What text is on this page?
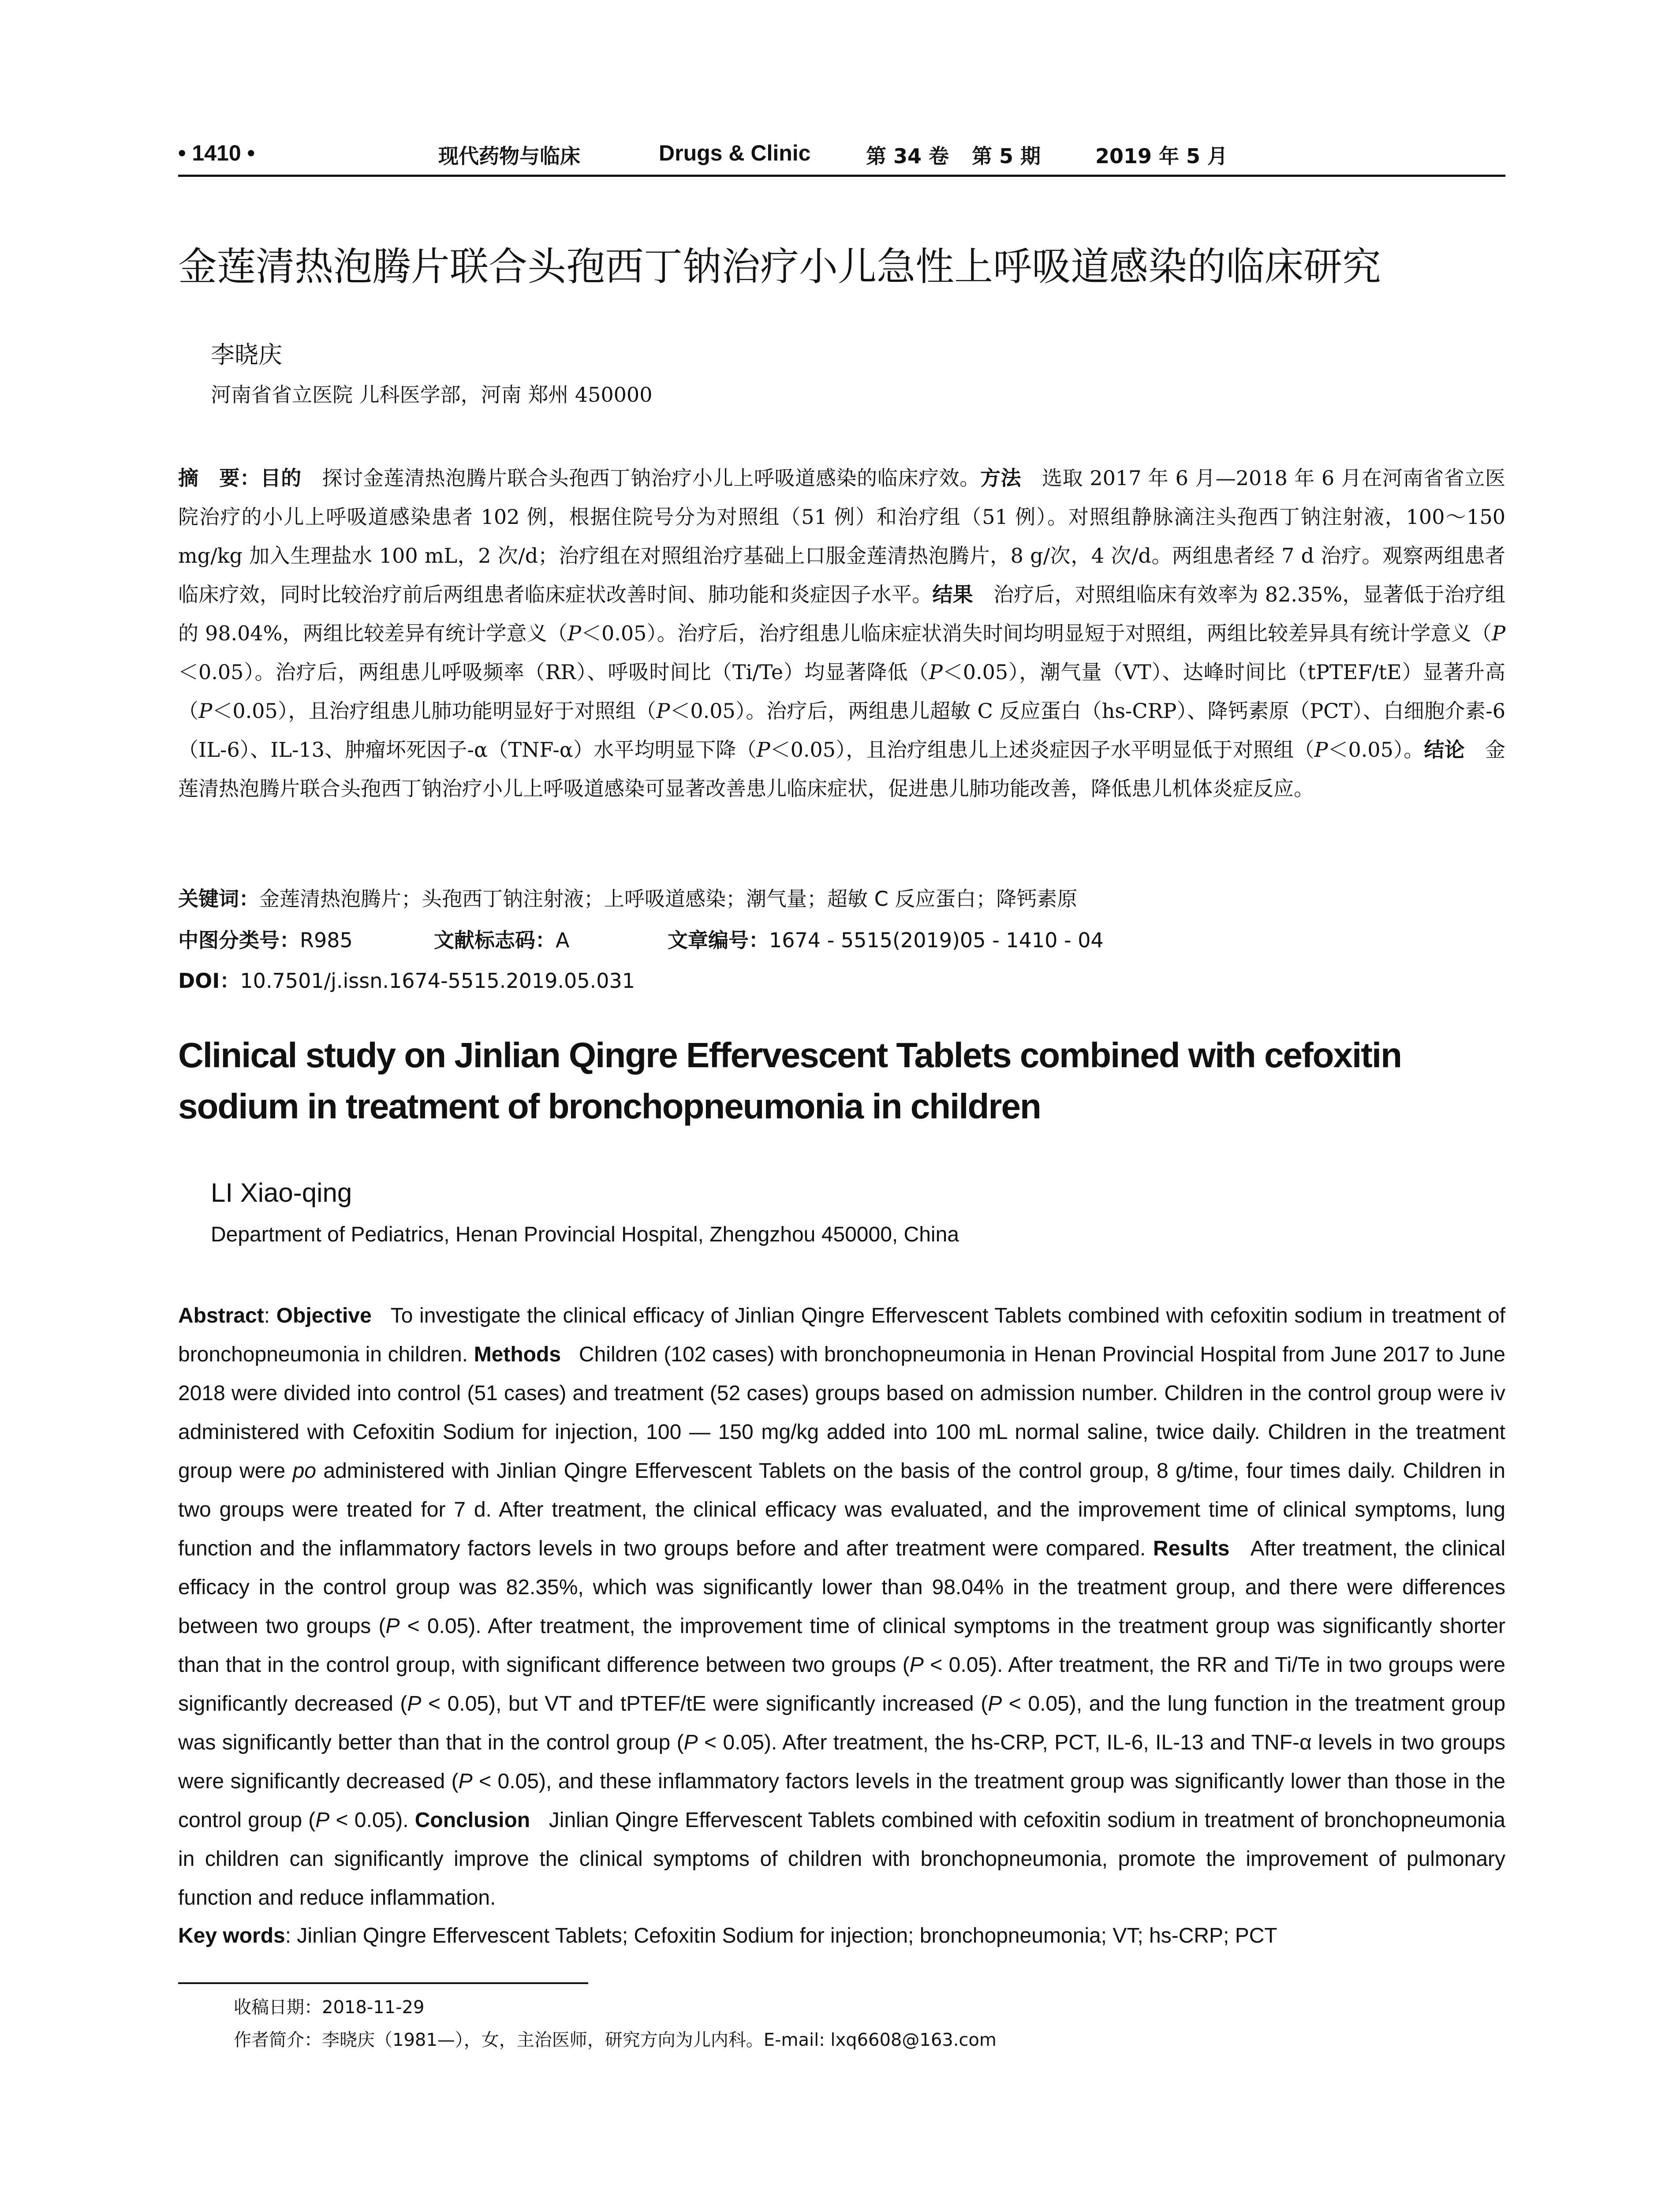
• 1410 •	现代药物与临床	Drugs & Clinic	第 34 卷 第 5 期	2019 年 5 月
金莲清热泡腾片联合头孢西丁钠治疗小儿急性上呼吸道感染的临床研究
李晓庆
河南省省立医院 儿科医学部，河南 郑州 450000
摘　要：目的　 探讨金莲清热泡腾片联合头孢西丁钠治疗小儿上呼吸道感染的临床疗效。方法　 选取 2017 年 6 月—2018 年 6 月在河南省省立医院治疗的小儿上呼吸道感染患者 102 例，根据住院号分为对照组（51 例）和治疗组（51 例）。对照组静脉滴注头孢西丁钠注射液，100～150 mg/kg 加入生理盐水 100 mL，2 次/d；治疗组在对照组治疗基础上口服金莲清热泡腾片，8 g/次，4 次/d。两组患者经 7 d 治疗。观察两组患者临床疗效，同时比较治疗前后两组患者临床症状改善时间、肺功能和炎症因子水平。结果　 治疗后，对照组临床有效率为 82.35%，显著低于治疗组的 98.04%，两组比较差异有统计学意义（P＜0.05）。治疗后，治疗组患儿临床症状消失时间均明显短于对照组，两组比较差异具有统计学意义（P＜0.05）。治疗后，两组患儿呼吸频率（RR）、呼吸时间比（Ti/Te）均显著降低（P＜0.05），潮气量（VT）、达峰时间比（tPTEF/tE）显著升高（P＜0.05），且治疗组患儿肺功能明显好于对照组（P＜0.05）。治疗后，两组患儿超敏 C 反应蛋白（hs-CRP）、降钙素原（PCT）、白细胞介素-6（IL-6）、IL-13、肿瘤坏死因子-α（TNF-α）水平均明显下降（P＜0.05），且治疗组患儿上述炎症因子水平明显低于对照组（P＜0.05）。结论　 金莲清热泡腾片联合头孢西丁钠治疗小儿上呼吸道感染可显著改善患儿临床症状，促进患儿肺功能改善，降低患儿机体炎症反应。
关键词：金莲清热泡腾片；头孢西丁钠注射液；上呼吸道感染；潮气量；超敏 C 反应蛋白；降钙素原
中图分类号：R985	文献标志码：A	文章编号：1674 - 5515(2019)05 - 1410 - 04
DOI：10.7501/j.issn.1674-5515.2019.05.031
Clinical study on Jinlian Qingre Effervescent Tablets combined with cefoxitin sodium in treatment of bronchopneumonia in children
LI Xiao-qing
Department of Pediatrics, Henan Provincial Hospital, Zhengzhou 450000, China
Abstract: Objective To investigate the clinical efficacy of Jinlian Qingre Effervescent Tablets combined with cefoxitin sodium in treatment of bronchopneumonia in children. Methods Children (102 cases) with bronchopneumonia in Henan Provincial Hospital from June 2017 to June 2018 were divided into control (51 cases) and treatment (52 cases) groups based on admission number. Children in the control group were iv administered with Cefoxitin Sodium for injection, 100 — 150 mg/kg added into 100 mL normal saline, twice daily. Children in the treatment group were po administered with Jinlian Qingre Effervescent Tablets on the basis of the control group, 8 g/time, four times daily. Children in two groups were treated for 7 d. After treatment, the clinical efficacy was evaluated, and the improvement time of clinical symptoms, lung function and the inflammatory factors levels in two groups before and after treatment were compared. Results After treatment, the clinical efficacy in the control group was 82.35%, which was significantly lower than 98.04% in the treatment group, and there were differences between two groups (P < 0.05). After treatment, the improvement time of clinical symptoms in the treatment group was significantly shorter than that in the control group, with significant difference between two groups (P < 0.05). After treatment, the RR and Ti/Te in two groups were significantly decreased (P < 0.05), but VT and tPTEF/tE were significantly increased (P < 0.05), and the lung function in the treatment group was significantly better than that in the control group (P < 0.05). After treatment, the hs-CRP, PCT, IL-6, IL-13 and TNF-α levels in two groups were significantly decreased (P < 0.05), and these inflammatory factors levels in the treatment group was significantly lower than those in the control group (P < 0.05). Conclusion Jinlian Qingre Effervescent Tablets combined with cefoxitin sodium in treatment of bronchopneumonia in children can significantly improve the clinical symptoms of children with bronchopneumonia, promote the improvement of pulmonary function and reduce inflammation.
Key words: Jinlian Qingre Effervescent Tablets; Cefoxitin Sodium for injection; bronchopneumonia; VT; hs-CRP; PCT
收稿日期：2018-11-29
作者简介：李晓庆（1981—），女，主治医师，研究方向为儿内科。E-mail: lxq6608@163.com
